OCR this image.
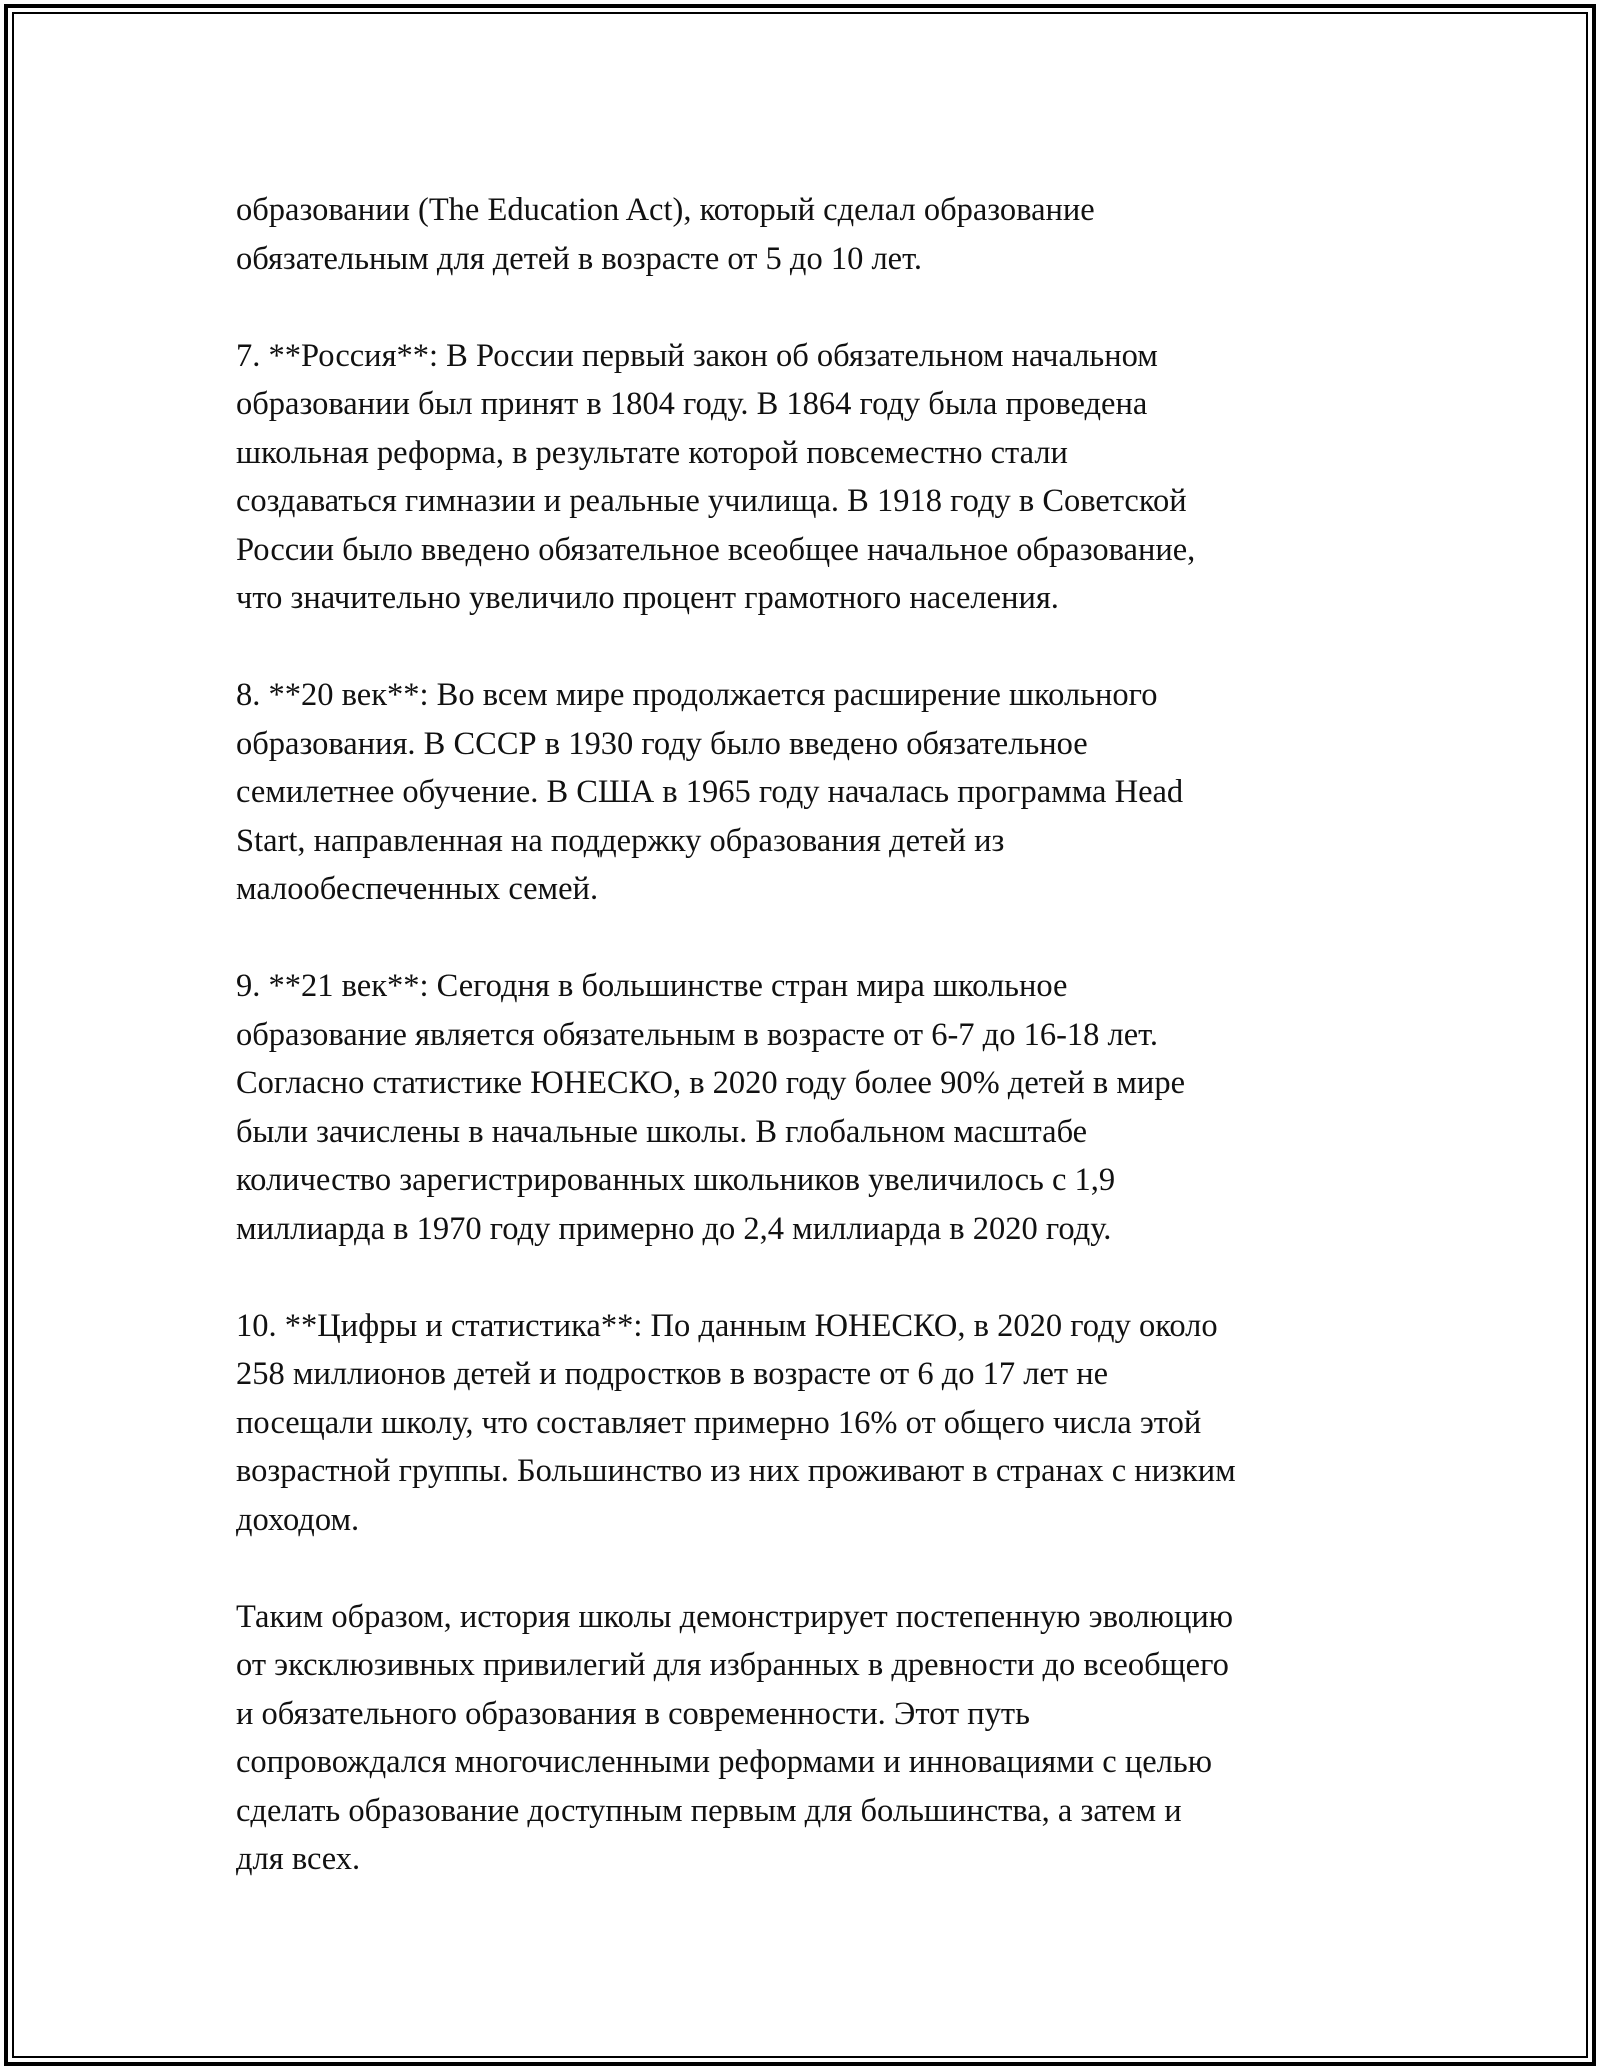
образовании (The Education Act), который сделал образование
обязательным для детей в возрасте от 5 до 10 лет.

7. **Россия**: В России первый закон об обязательном начальном
образовании был принят в 1804 году. В 1864 году была проведена
школьная реформа, в результате которой повсеместно стали
создаваться гимназии и реальные училища. В 1918 году в Советской
России было введено обязательное всеобщее начальное образование,
что значительно увеличило процент грамотного населения.

8. **20 век**: Во всем мире продолжается расширение школьного
образования. В СССР в 1930 году было введено обязательное
семилетнее обучение. В США в 1965 году началась программа Head
Start, направленная на поддержку образования детей из
малообеспеченных семей.

9. **21 век**: Сегодня в большинстве стран мира школьное
образование является обязательным в возрасте от 6-7 до 16-18 лет.
Согласно статистике ЮНЕСКО, в 2020 году более 90% детей в мире
были зачислены в начальные школы. В глобальном масштабе
количество зарегистрированных школьников увеличилось с 1,9
миллиарда в 1970 году примерно до 2,4 миллиарда в 2020 году.

10. **Цифры и статистика**: По данным ЮНЕСКО, в 2020 году около
258 миллионов детей и подростков в возрасте от 6 до 17 лет не
посещали школу, что составляет примерно 16% от общего числа этой
возрастной группы. Большинство из них проживают в странах с низким
доходом.

Таким образом, история школы демонстрирует постепенную эволюцию
от эксклюзивных привилегий для избранных в древности до всеобщего
и обязательного образования в современности. Этот путь
сопровождался многочисленными реформами и инновациями с целью
сделать образование доступным первым для большинства, а затем и
для всех.
